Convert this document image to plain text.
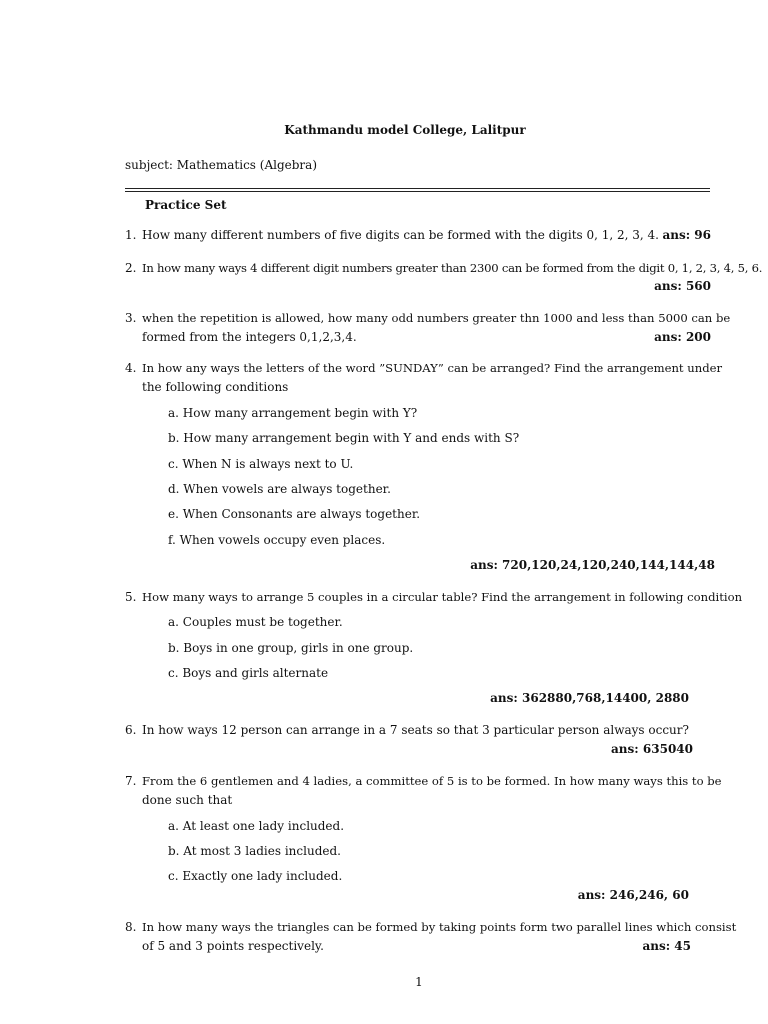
Kathmandu model College, Lalitpur
subject: Mathematics (Algebra)
Practice Set
1. How many different numbers of five digits can be formed with the digits 0, 1, 2, 3, 4. ans: 96
2. In how many ways 4 different digit numbers greater than 2300 can be formed from the digit 0, 1, 2, 3, 4, 5, 6.
ans: 560
3. when the repetition is allowed, how many odd numbers greater thn 1000 and less than 5000 can be
formed from the integers 0,1,2,3,4.	ans: 200
4. In how any ways the letters of the word ”SUNDAY” can be arranged? Find the arrangement under
the following conditions
a. How many arrangement begin with Y?
b. How many arrangement begin with Y and ends with S?
c. When N is always next to U.
d. When vowels are always together.
e. When Consonants are always together.
f. When vowels occupy even places.
ans: 720,120,24,120,240,144,144,48
5. How many ways to arrange 5 couples in a circular table? Find the arrangement in following condition
a. Couples must be together.
b. Boys in one group, girls in one group.
c. Boys and girls alternate
ans: 362880,768,14400, 2880
6. In how ways 12 person can arrange in a 7 seats so that 3 particular person always occur?
ans: 635040
7. From the 6 gentlemen and 4 ladies, a committee of 5 is to be formed. In how many ways this to be
done such that
a. At least one lady included.
b. At most 3 ladies included.
c. Exactly one lady included.
ans: 246,246, 60
8. In how many ways the triangles can be formed by taking points form two parallel lines which consist
of 5 and 3 points respectively.	ans: 45
1
